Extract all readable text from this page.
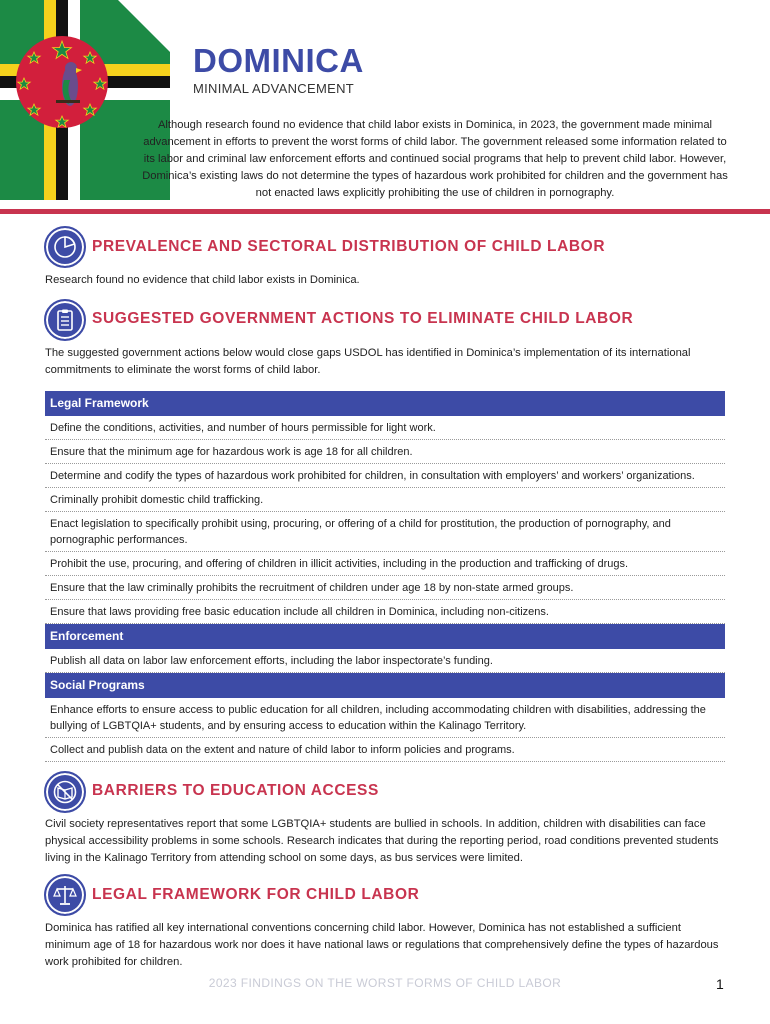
DOMINICA
MINIMAL ADVANCEMENT
Although research found no evidence that child labor exists in Dominica, in 2023, the government made minimal advancement in efforts to prevent the worst forms of child labor. The government released some information related to its labor and criminal law enforcement efforts and continued social programs that help to prevent child labor. However, Dominica’s existing laws do not determine the types of hazardous work prohibited for children and the government has not enacted laws explicitly prohibiting the use of children in pornography.
PREVALENCE AND SECTORAL DISTRIBUTION OF CHILD LABOR
Research found no evidence that child labor exists in Dominica.
SUGGESTED GOVERNMENT ACTIONS TO ELIMINATE CHILD LABOR
The suggested government actions below would close gaps USDOL has identified in Dominica’s implementation of its international commitments to eliminate the worst forms of child labor.
Legal Framework
Define the conditions, activities, and number of hours permissible for light work.
Ensure that the minimum age for hazardous work is age 18 for all children.
Determine and codify the types of hazardous work prohibited for children, in consultation with employers’ and workers’ organizations.
Criminally prohibit domestic child trafficking.
Enact legislation to specifically prohibit using, procuring, or offering of a child for prostitution, the production of pornography, and pornographic performances.
Prohibit the use, procuring, and offering of children in illicit activities, including in the production and trafficking of drugs.
Ensure that the law criminally prohibits the recruitment of children under age 18 by non-state armed groups.
Ensure that laws providing free basic education include all children in Dominica, including non-citizens.
Enforcement
Publish all data on labor law enforcement efforts, including the labor inspectorate’s funding.
Social Programs
Enhance efforts to ensure access to public education for all children, including accommodating children with disabilities, addressing the bullying of LGBTQIA+ students, and by ensuring access to education within the Kalinago Territory.
Collect and publish data on the extent and nature of child labor to inform policies and programs.
BARRIERS TO EDUCATION ACCESS
Civil society representatives report that some LGBTQIA+ students are bullied in schools. In addition, children with disabilities can face physical accessibility problems in some schools. Research indicates that during the reporting period, road conditions prevented students living in the Kalinago Territory from attending school on some days, as bus services were limited.
LEGAL FRAMEWORK FOR CHILD LABOR
Dominica has ratified all key international conventions concerning child labor. However, Dominica has not established a sufficient minimum age of 18 for hazardous work nor does it have national laws or regulations that comprehensively define the types of hazardous work prohibited for children.
2023 FINDINGS ON THE WORST FORMS OF CHILD LABOR	1
